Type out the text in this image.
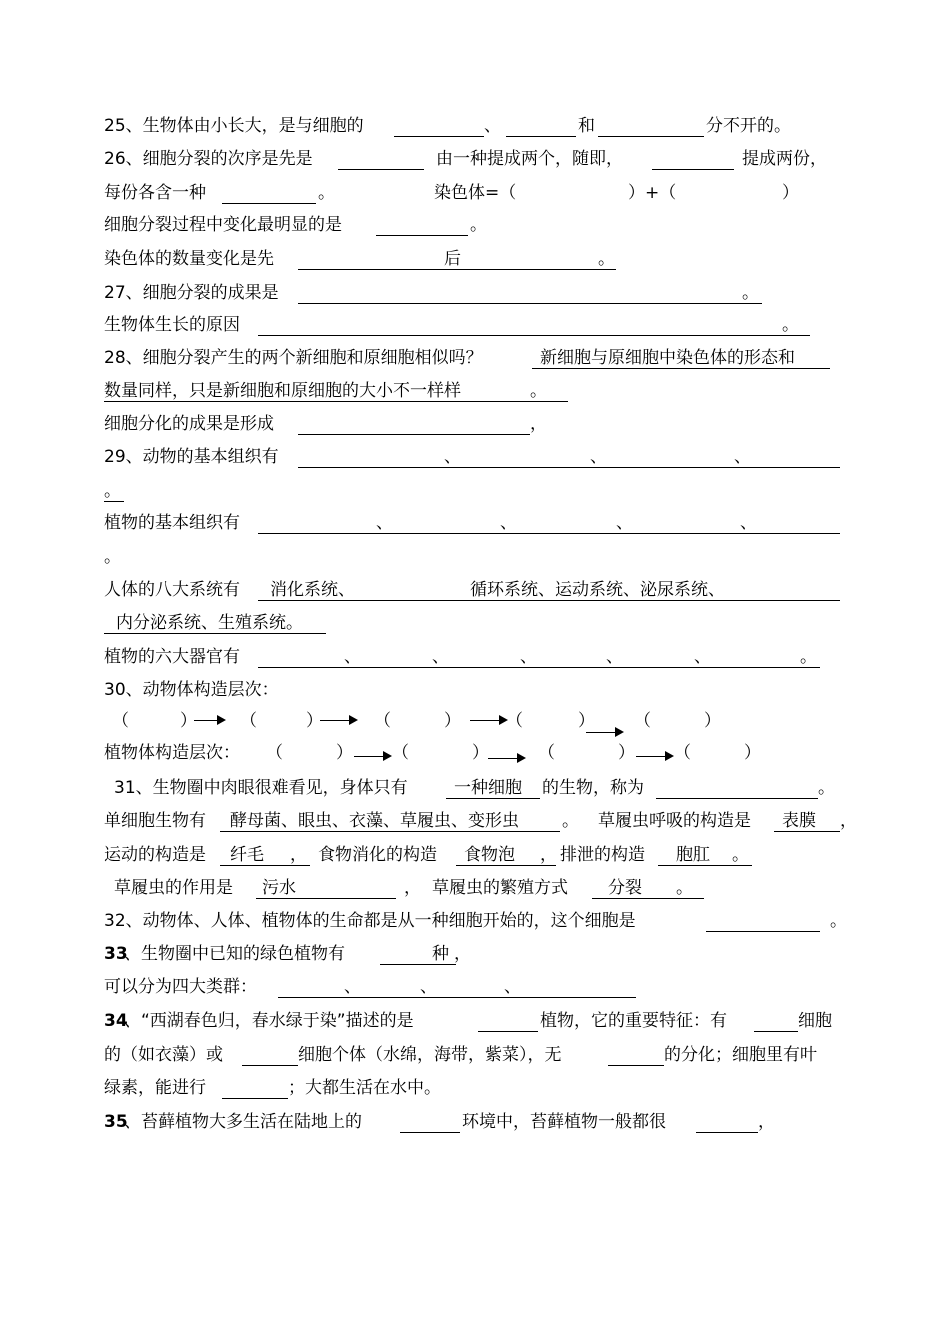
25、生物体由小长大，是与细胞的	、	和	分不开的。
26、细胞分裂的次序是先是	由一种提成两个，随即，	提成两份，
每份各含一种	。	染色体=（	）+（	）
细胞分裂过程中变化最明显的是	。
染色体的数量变化是先	后	。
27、细胞分裂的成果是	。
生物体生长的原因	。
28、细胞分裂产生的两个新细胞和原细胞相似吗？	新细胞与原细胞中染色体的形态和
数量同样，只是新细胞和原细胞的大小不一样样	。
细胞分化的成果是形成	，
29、动物的基本组织有	、	、	、
。
植物的基本组织有	、	、	、	、
。
人体的八大系统有 消化系统、	循环系统、运动系统、泌尿系统、
内分泌系统、生殖系统。
植物的六大器官有	、	、	、	、	、	。
30、动物体构造层次：
（	）	（	）	（	）	（	） （	）
植物体构造层次： （	） （	）	（	） （	）
31、生物圈中肉眼很难看见，身体只有	一种细胞 的生物，称为	。
单细胞生物有 酵母菌、眼虫、衣藻、草履虫、变形虫	。 草履虫呼吸的构造是 表膜 ，
运动的构造是 纤毛 ， 食物消化的构造 食物泡 ， 排泄的构造 胞肛 。
草履虫的作用是 污水	， 草履虫的繁殖方式 分裂 。
32、动物体、人体、植物体的生命都是从一种细胞开始的，这个细胞是	。
33
、生物圈中已知的绿色植物有	种 ，
可以分为四大类群：	、	、	、
34
、“西湖春色归，春水绿于染”描述的是	植物，它的重要特征：有	细胞
的（如衣藻）或	细胞个体（水绵，海带，紫菜），无	的分化；细胞里有叶
绿素，能进行	；大都生活在水中。
35
、苔藓植物大多生活在陆地上的	环境中，苔藓植物一般都很	，
